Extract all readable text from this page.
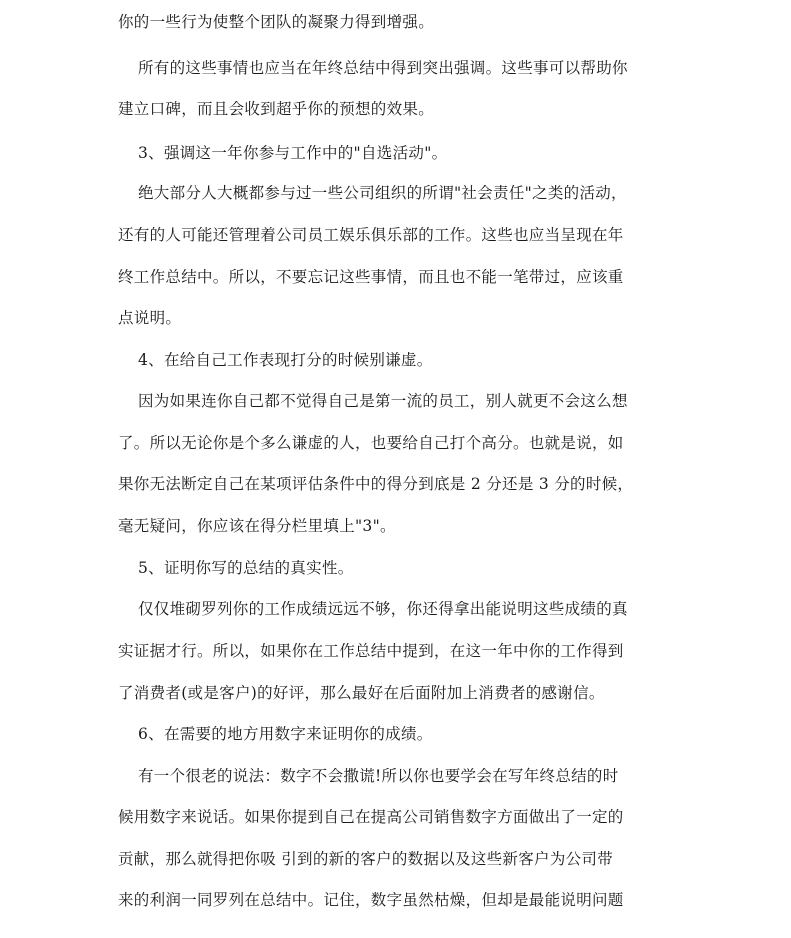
你的一些行为使整个团队的凝聚力得到增强。
所有的这些事情也应当在年终总结中得到突出强调。这些事可以帮助你
建立口碑，而且会收到超乎你的预想的效果。
3、强调这一年你参与工作中的"自选活动"。
绝大部分人大概都参与过一些公司组织的所谓"社会责任"之类的活动，
还有的人可能还管理着公司员工娱乐俱乐部的工作。这些也应当呈现在年
终工作总结中。所以，不要忘记这些事情，而且也不能一笔带过，应该重
点说明。
4、在给自己工作表现打分的时候别谦虚。
因为如果连你自己都不觉得自己是第一流的员工，别人就更不会这么想
了。所以无论你是个多么谦虚的人，也要给自己打个高分。也就是说，如
果你无法断定自己在某项评估条件中的得分到底是 2 分还是 3 分的时候，
毫无疑问，你应该在得分栏里填上"3"。
5、证明你写的总结的真实性。
仅仅堆砌罗列你的工作成绩远远不够，你还得拿出能说明这些成绩的真
实证据才行。所以，如果你在工作总结中提到，在这一年中你的工作得到
了消费者(或是客户)的好评，那么最好在后面附加上消费者的感谢信。
6、在需要的地方用数字来证明你的成绩。
有一个很老的说法：数字不会撒谎!所以你也要学会在写年终总结的时
候用数字来说话。如果你提到自己在提高公司销售数字方面做出了一定的
贡献，那么就得把你吸 引到的新的客户的数据以及这些新客户为公司带
来的利润一同罗列在总结中。记住，数字虽然枯燥，但却是最能说明问题
